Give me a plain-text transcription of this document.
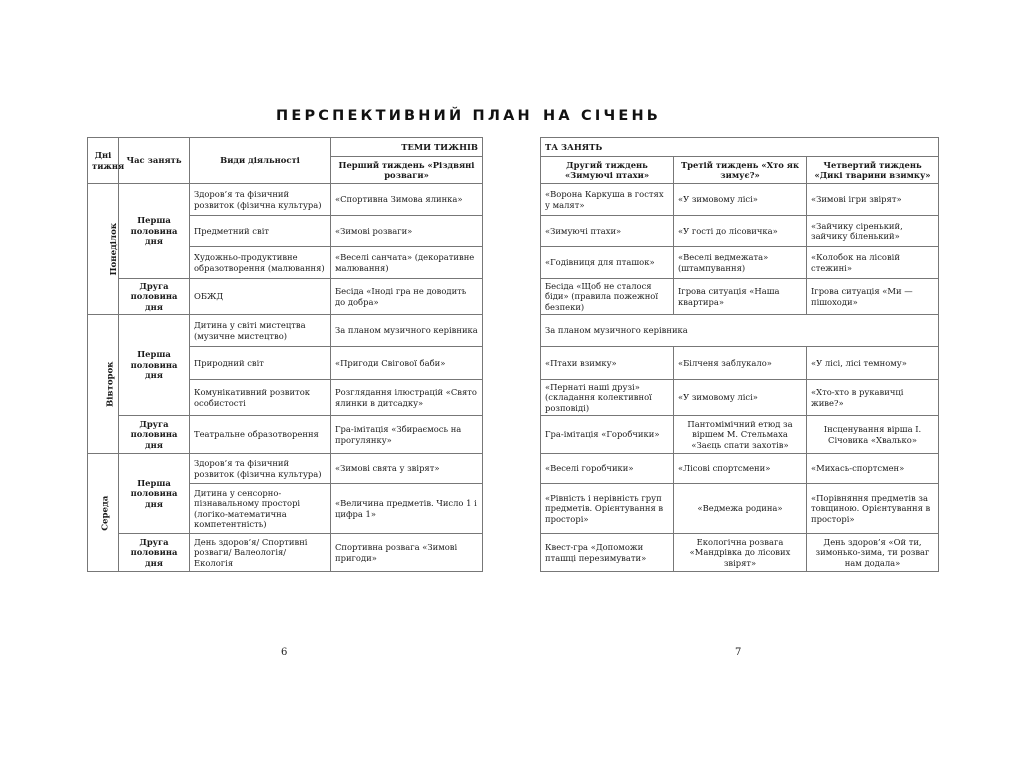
ПЕРСПЕКТИВНИЙ ПЛАН НА СІЧЕНЬ
Дні тижня	Час занять	Види діяльності	ТЕМИ ТИЖНІВ
			Перший тиждень «Різдвяні розваги»
Понеділок	Перша половина дня	Здоров’я та фізичний розвиток (фізична культура)	«Спортивна Зимова ялинка»
		Предметний світ	«Зимові розваги»
		Художньо-продуктивне образотворення (малювання)	«Веселі санчата» (декоративне малювання)
	Друга половина дня	ОБЖД	Бесіда «Іноді гра не доводить до добра»
Вівторок	Перша половина дня	Дитина у світі мистецтва (музичне мистецтво)	За планом музичного керівника
		Природний світ	«Пригоди Свігової баби»
		Комунікативний розвиток особистості	Розглядання ілюстрацій «Свято ялинки в дитсадку»
	Друга половина дня	Театральне образотворення	Гра-імітація «Збираємось на прогулянку»
Середа	Перша половина дня	Здоров’я та фізичний розвиток (фізична культура)	«Зимові свята у звірят»
		Дитина у сенсорно-пізнавальному просторі (логіко-математична компетентність)	«Величина предметів. Число 1 і цифра 1»
	Друга половина дня	День здоров’я/ Спортивні розваги/ Валеологія/ Екологія	Спортивна розвага «Зимові пригоди»
ТА ЗАНЯТЬ		
Другий тиждень «Зимуючі птахи»	Третій тиждень «Хто як зимує?»	Четвертий тиждень «Дикі тварини взимку»
«Ворона Каркуша в гостях у малят»	«У зимовому лісі»	«Зимові ігри звірят»
«Зимуючі птахи»	«У гості до лісовичка»	«Зайчику сіренький, зайчику біленький»
«Годівниця для пташок»	«Веселі ведмежата» (штампування)	«Колобок на лісовій стежині»
Бесіда «Щоб не сталося біди» (правила пожежної безпеки)	Ігрова ситуація «Наша квартира»	Ігрова ситуація «Ми — пішоходи»
За планом музичного керівника		
«Птахи взимку»	«Білченя заблукало»	«У лісі, лісі темному»
«Пернаті наші друзі» (складання колективної розповіді)	«У зимовому лісі»	«Хто-хто в рукавичці живе?»
Гра-імітація «Горобчики»	Пантомімічний етюд за віршем М. Стельмаха «Заєць спати захотів»	Інсценування вірша І. Січовика «Хвалько»
«Веселі горобчики»	«Лісові спортсмени»	«Михась-спортсмен»
«Рівність і нерівність груп предметів. Орієнтування в просторі»	«Ведмежа родина»	«Порівняння предметів за товщиною. Орієнтування в просторі»
Квест-гра «Допоможи пташці перезимувати»	Екологічна розвага «Мандрівка до лісових звірят»	День здоров’я «Ой ти, зимонько-зима, ти розваг нам додала»
6	7
